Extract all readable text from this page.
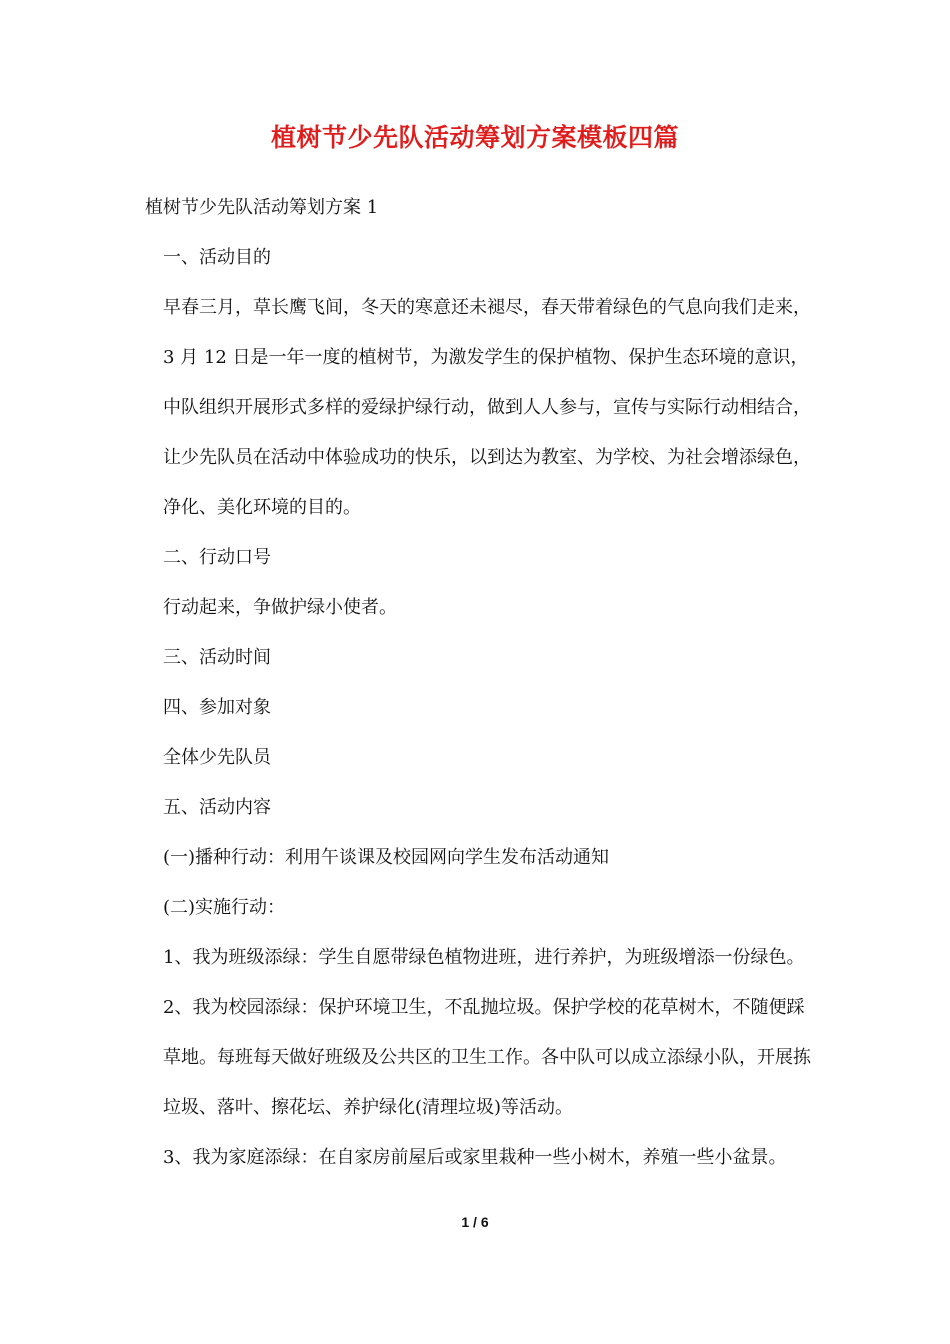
植树节少先队活动筹划方案模板四篇

植树节少先队活动筹划方案 1

一、活动目的

早春三月，草长鹰飞间，冬天的寒意还未褪尽，春天带着绿色的气息向我们走来，3 月 12 日是一年一度的植树节，为激发学生的保护植物、保护生态环境的意识，中队组织开展形式多样的爱绿护绿行动，做到人人参与，宣传与实际行动相结合，让少先队员在活动中体验成功的快乐，以到达为教室、为学校、为社会增添绿色，净化、美化环境的目的。

二、行动口号

行动起来，争做护绿小使者。

三、活动时间

四、参加对象

全体少先队员

五、活动内容

(一)播种行动：利用午谈课及校园网向学生发布活动通知

(二)实施行动：

1、我为班级添绿：学生自愿带绿色植物进班，进行养护，为班级增添一份绿色。

2、我为校园添绿：保护环境卫生，不乱抛垃圾。保护学校的花草树木，不随便踩草地。每班每天做好班级及公共区的卫生工作。各中队可以成立添绿小队，开展拣垃圾、落叶、擦花坛、养护绿化(清理垃圾)等活动。

3、我为家庭添绿：在自家房前屋后或家里栽种一些小树木，养殖一些小盆景。

1 / 6
